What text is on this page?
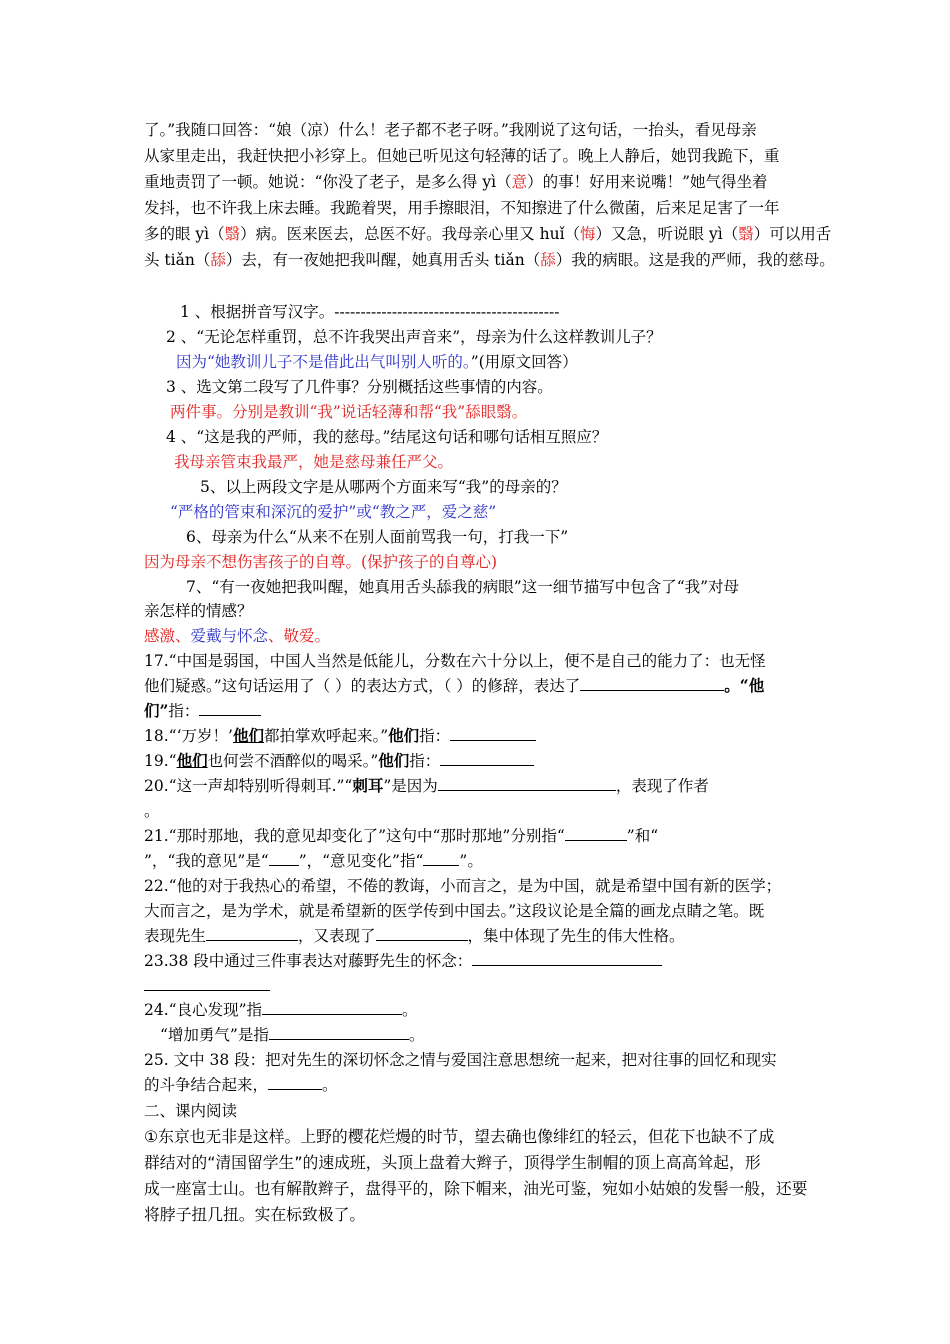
了。”我随口回答：“娘（凉）什么！老子都不老子呀。”我刚说了这句话，一抬头，看见母亲
从家里走出，我赶快把小衫穿上。但她已听见这句轻薄的话了。晚上人静后，她罚我跪下，重
重地责罚了一顿。她说：“你没了老子，是多么得 yì（意）的事！好用来说嘴！”她气得坐着
发抖，也不许我上床去睡。我跪着哭，用手擦眼泪，不知擦进了什么微菌，后来足足害了一年
多的眼 yì（翳）病。医来医去，总医不好。我母亲心里又 huǐ（悔）又急，听说眼 yì（翳）可以用舌
头 tiǎn（舔）去，有一夜她把我叫醒，她真用舌头 tiǎn（舔）我的病眼。这是我的严师，我的慈母。
1 、根据拼音写汉字。-------------------------------------------
2 、“无论怎样重罚，总不许我哭出声音来”，母亲为什么这样教训儿子？
因为“她教训儿子不是借此出气叫别人听的。”(用原文回答）
3 、选文第二段写了几件事？分别概括这些事情的内容。
两件事。分别是教训“我”说话轻薄和帮“我”舔眼翳。
4 、“这是我的严师，我的慈母。”结尾这句话和哪句话相互照应？
我母亲管束我最严，她是慈母兼任严父。
5、以上两段文字是从哪两个方面来写“我”的母亲的？
“严格的管束和深沉的爱护”或“教之严，爱之慈”
6、母亲为什么“从来不在别人面前骂我一句，打我一下”
因为母亲不想伤害孩子的自尊。(保护孩子的自尊心)
7、“有一夜她把我叫醒，她真用舌头舔我的病眼”这一细节描写中包含了“我”对母
亲怎样的情感？
感激、爱戴与怀念、敬爱。
17.“中国是弱国，中国人当然是低能儿，分数在六十分以上，便不是自己的能力了：也无怪
他们疑惑。”这句话运用了（ ）的表达方式，（ ）的修辞，表达了	。“他
们”指：
18.“‘万岁！’他们都拍掌欢呼起来。”他们指：
19.“他们也何尝不酒醉似的喝采。”他们指：
20.“这一声却特别听得刺耳.”“刺耳”是因为	，表现了作者
。
21.“那时那地，我的意见却变化了”这句中“那时那地”分别指“	”和“
”，“我的意见”是“ ”，“意见变化”指“ ”。
22.“他的对于我热心的希望，不倦的教诲，小而言之，是为中国，就是希望中国有新的医学；
大而言之，是为学术，就是希望新的医学传到中国去。”这段议论是全篇的画龙点睛之笔。既
表现先生	，又表现了	，集中体现了先生的伟大性格。
23.38 段中通过三件事表达对藤野先生的怀念：
24.“良心发现”指	。
“增加勇气”是指	。
25. 文中 38 段：把对先生的深切怀念之情与爱国注意思想统一起来，把对往事的回忆和现实
的斗争结合起来，	。
二、课内阅读
①东京也无非是这样。上野的樱花烂熳的时节，望去确也像绯红的轻云，但花下也缺不了成
群结对的“清国留学生”的速成班，头顶上盘着大辫子，顶得学生制帽的顶上高高耸起，形
成一座富士山。也有解散辫子，盘得平的，除下帽来，油光可鉴，宛如小姑娘的发髻一般，还要
将脖子扭几扭。实在标致极了。
